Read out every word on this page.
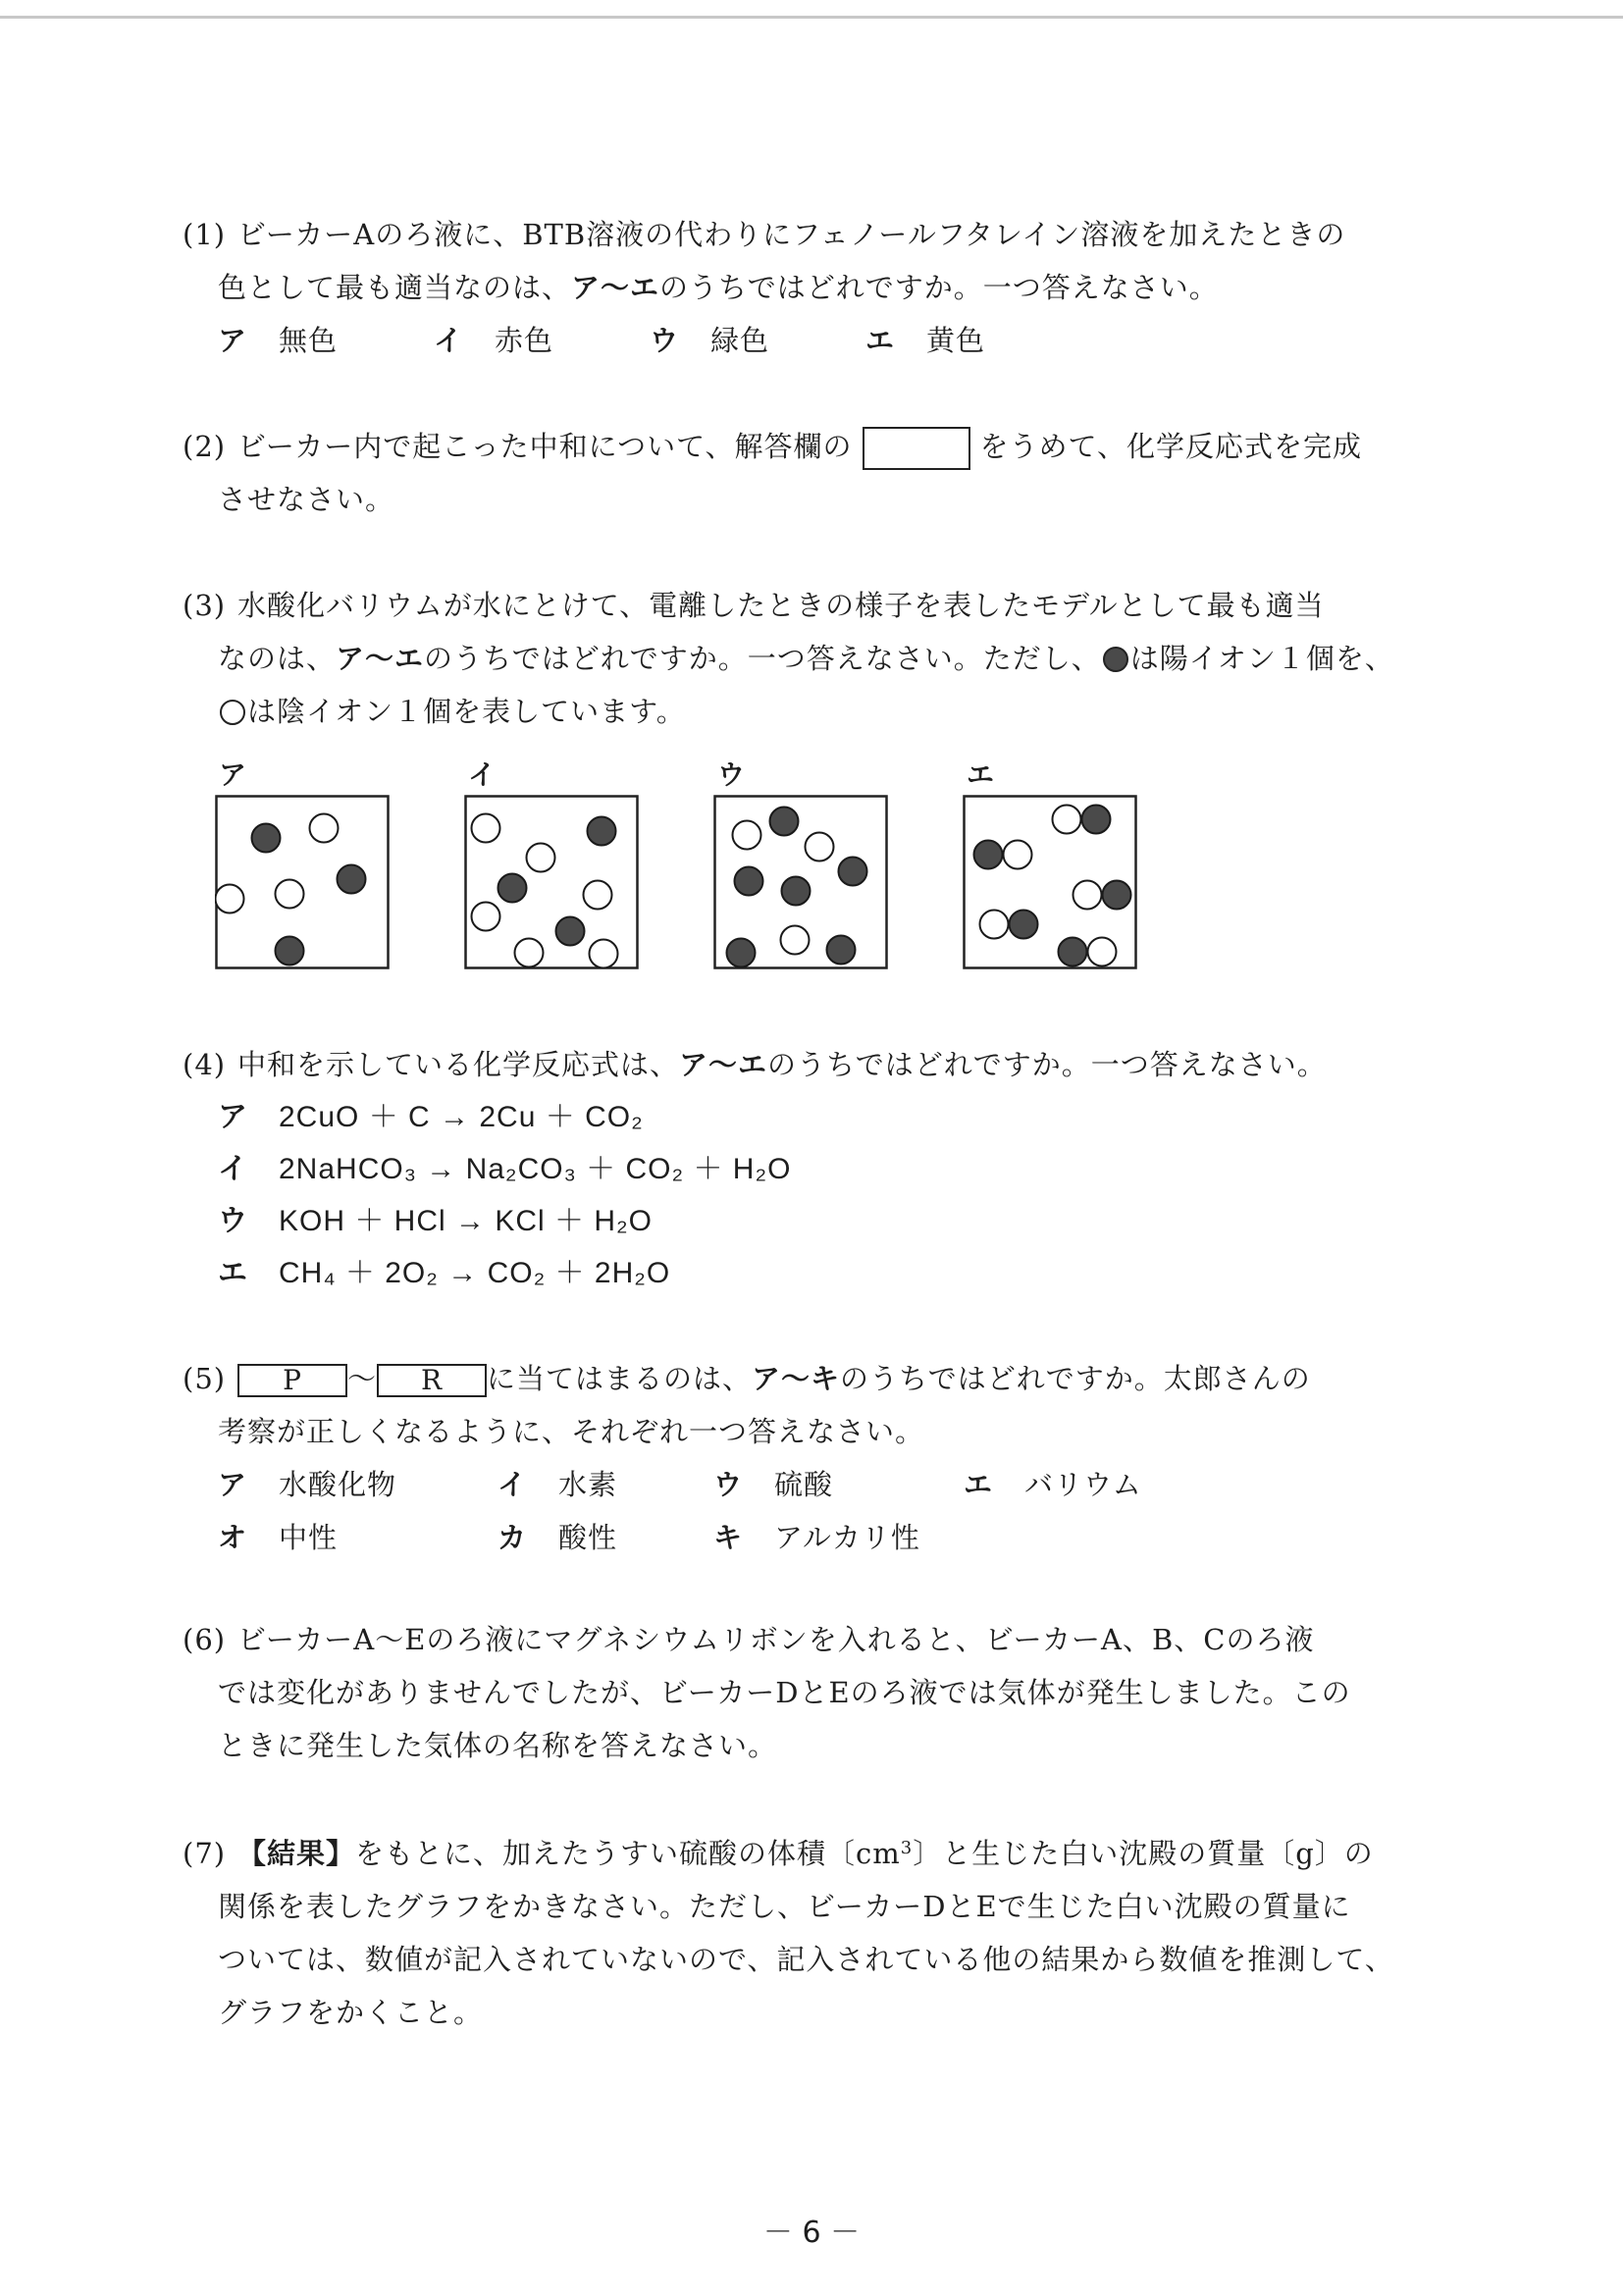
(1) ビーカーAのろ液に、BTB溶液の代わりにフェノールフタレイン溶液を加えたときの
色として最も適当なのは、ア～エのうちではどれですか。一つ答えなさい。
ア	無色	イ	赤色	ウ	緑色	エ	黄色
(2) ビーカー内で起こった中和について、解答欄の	をうめて、化学反応式を完成
させなさい。
(3) 水酸化バリウムが水にとけて、電離したときの様子を表したモデルとして最も適当
なのは、ア～エのうちではどれですか。一つ答えなさい。ただし、 は陽イオン１個を、
は陰イオン１個を表しています。
ア	イ	ウ	エ
(4) 中和を示している化学反応式は、ア～エのうちではどれですか。一つ答えなさい。
ア 2CuO ＋ C → 2Cu ＋ CO₂
イ 2NaHCO₃ → Na₂CO₃ ＋ CO₂ ＋ H₂O
ウ KOH ＋ HCl → KCl ＋ H₂O
エ CH₄ ＋ 2O₂ → CO₂ ＋ 2H₂O
(5) P ～ R に当てはまるのは、ア～キのうちではどれですか。太郎さんの
考察が正しくなるように、それぞれ一つ答えなさい。
ア	水酸化物	イ	水素	ウ	硫酸	エ	バリウム
オ	中性	カ	酸性	キ	アルカリ性
(6) ビーカーA～Eのろ液にマグネシウムリボンを入れると、ビーカーA、B、Cのろ液
では変化がありませんでしたが、ビーカーDとEのろ液では気体が発生しました。この
ときに発生した気体の名称を答えなさい。
(7) 【結果】をもとに、加えたうすい硫酸の体積〔$cm^3$〕と生じた白い沈殿の質量〔g〕の
関係を表したグラフをかきなさい。ただし、ビーカーDとEで生じた白い沈殿の質量に
ついては、数値が記入されていないので、記入されている他の結果から数値を推測して、
グラフをかくこと。
－ 6 －
